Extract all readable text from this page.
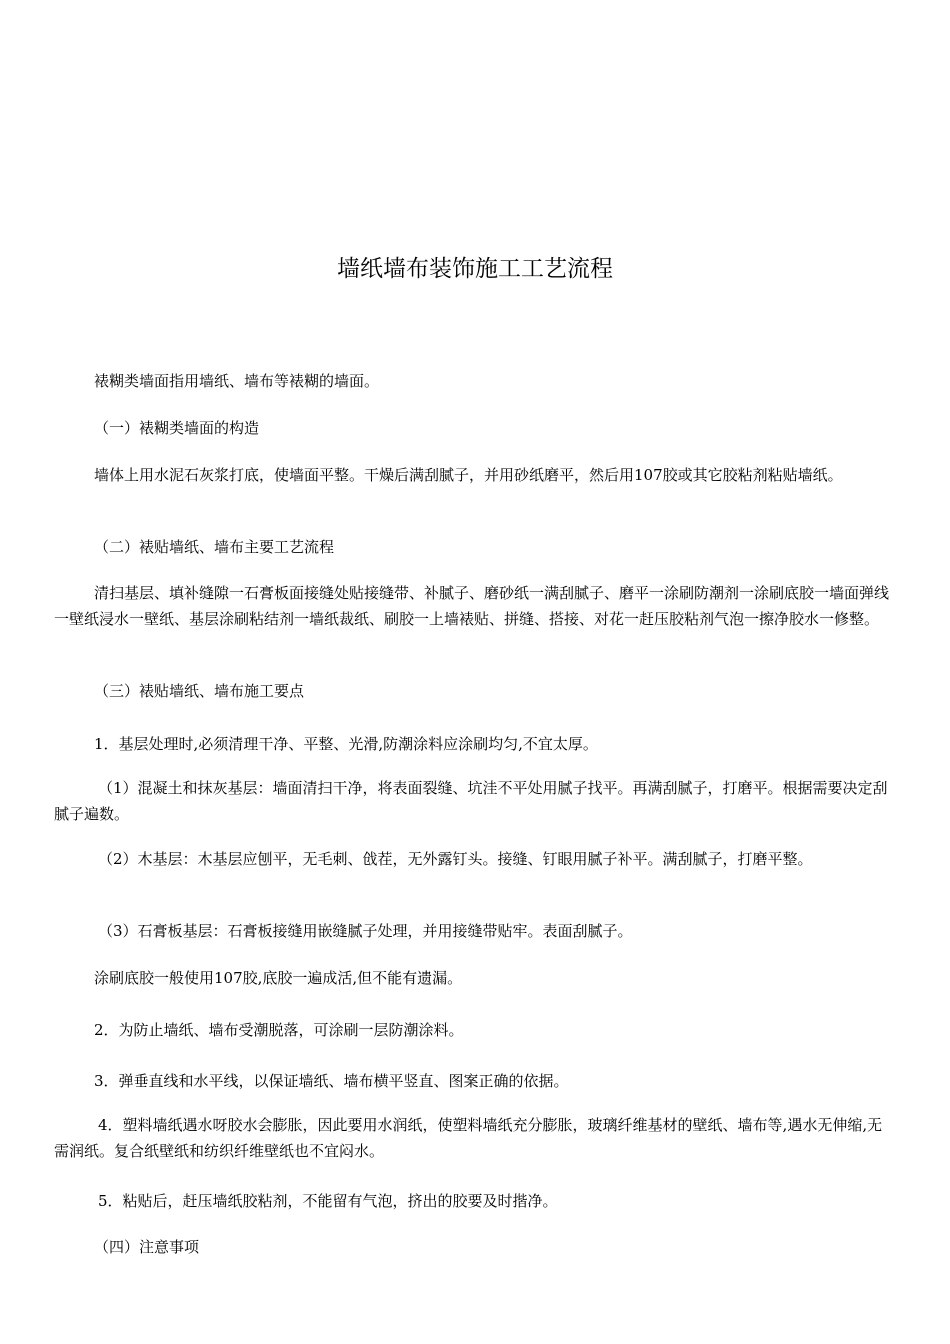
墙纸墙布装饰施工工艺流程

裱糊类墙面指用墙纸、墙布等裱糊的墙面。

（一）裱糊类墙面的构造

墙体上用水泥石灰浆打底，使墙面平整。干燥后满刮腻子，并用砂纸磨平，然后用107胶或其它胶粘剂粘贴墙纸。

（二）裱贴墙纸、墙布主要工艺流程

清扫基层、填补缝隙一石膏板面接缝处贴接缝带、补腻子、磨砂纸一满刮腻子、磨平一涂刷防潮剂一涂刷底胶一墙面弹线一壁纸浸水一壁纸、基层涂刷粘结剂一墙纸裁纸、刷胶一上墙裱贴、拼缝、搭接、对花一赶压胶粘剂气泡一擦净胶水一修整。

（三）裱贴墙纸、墙布施工要点

1．基层处理时,必须清理干净、平整、光滑,防潮涂料应涂刷均匀,不宜太厚。

（1）混凝土和抹灰基层：墙面清扫干净，将表面裂缝、坑洼不平处用腻子找平。再满刮腻子，打磨平。根据需要决定刮腻子遍数。

（2）木基层：木基层应刨平，无毛刺、戗茬，无外露钉头。接缝、钉眼用腻子补平。满刮腻子，打磨平整。

（3）石膏板基层：石膏板接缝用嵌缝腻子处理，并用接缝带贴牢。表面刮腻子。

涂刷底胶一般使用107胶,底胶一遍成活,但不能有遗漏。

2．为防止墙纸、墙布受潮脱落，可涂刷一层防潮涂料。

3．弹垂直线和水平线，以保证墙纸、墙布横平竖直、图案正确的依据。

4．塑料墙纸遇水呀胶水会膨胀，因此要用水润纸，使塑料墙纸充分膨胀，玻璃纤维基材的壁纸、墙布等,遇水无伸缩,无需润纸。复合纸壁纸和纺织纤维壁纸也不宜闷水。

5．粘贴后，赶压墙纸胶粘剂，不能留有气泡，挤出的胶要及时揩净。

（四）注意事项
